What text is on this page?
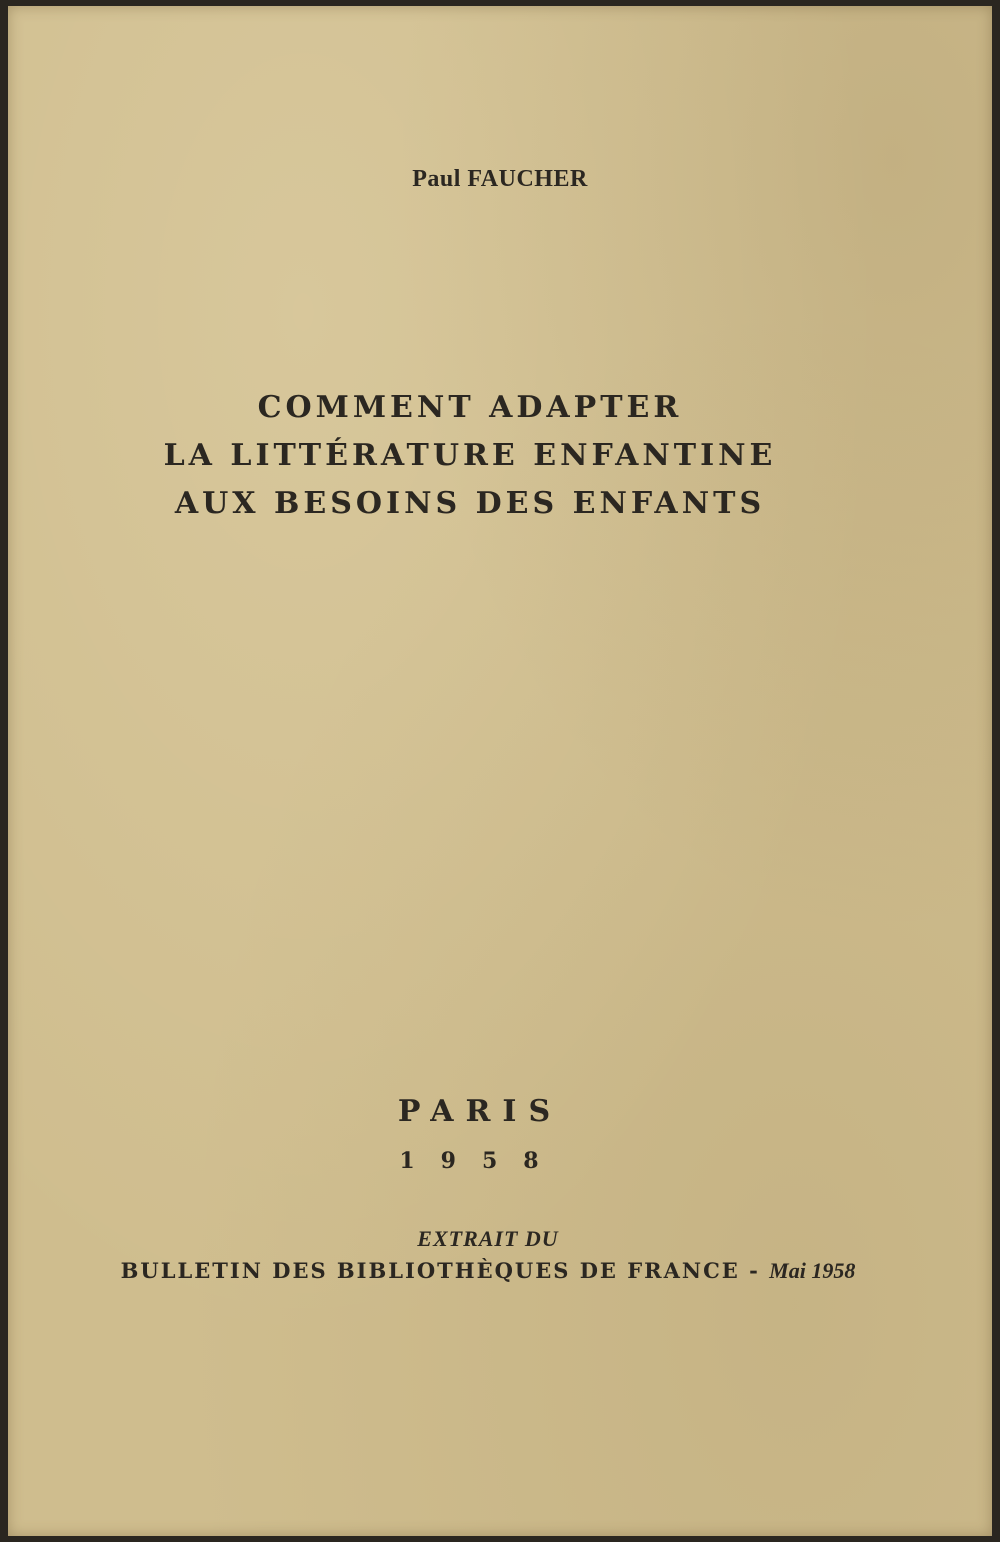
Paul FAUCHER
COMMENT ADAPTER
LA LITTÉRATURE ENFANTINE
AUX BESOINS DES ENFANTS
PARIS
1958
EXTRAIT DU
BULLETIN DES BIBLIOTHÈQUES DE FRANCE - Mai 1958
